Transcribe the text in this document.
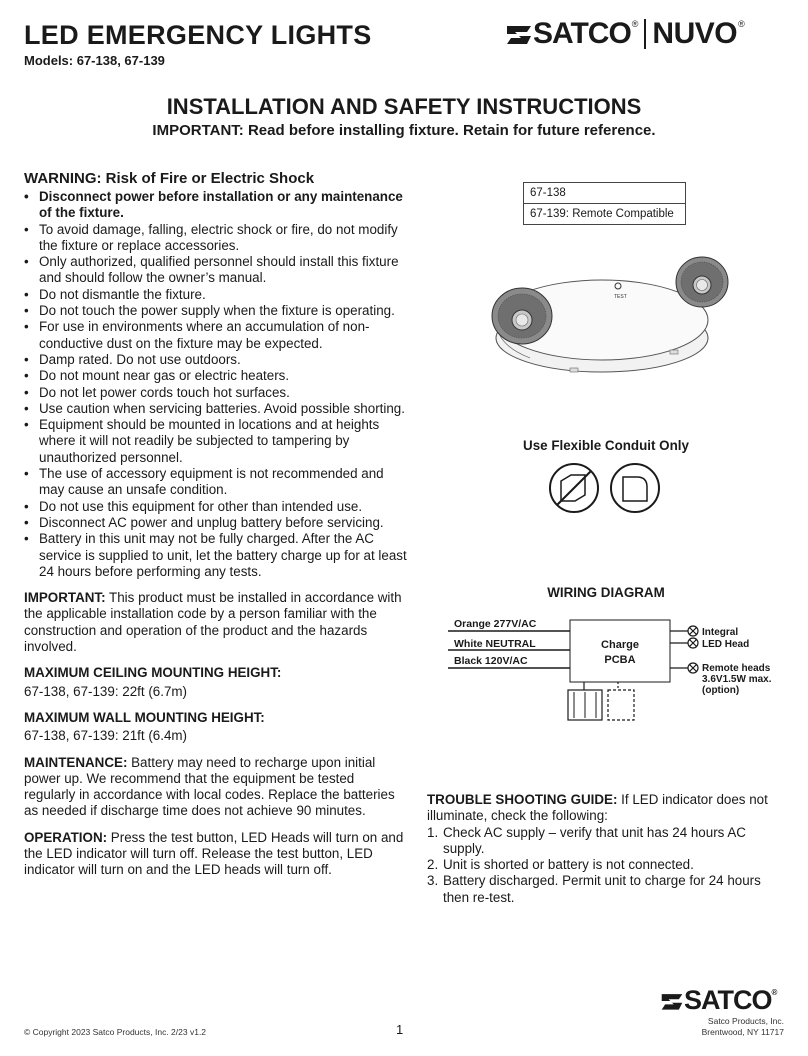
LED EMERGENCY LIGHTS
Models: 67-138, 67-139
SATCO ® NUVO ®
INSTALLATION AND SAFETY INSTRUCTIONS
IMPORTANT: Read before installing fixture. Retain for future reference.
WARNING: Risk of Fire or Electric Shock
• Disconnect power before installation or any maintenance of the fixture.
• To avoid damage, falling, electric shock or fire, do not modify the fixture or replace accessories.
• Only authorized, qualified personnel should install this fixture and should follow the owner’s manual.
• Do not dismantle the fixture.
• Do not touch the power supply when the fixture is operating.
• For use in environments where an accumulation of non-conductive dust on the fixture may be expected.
• Damp rated. Do not use outdoors.
• Do not mount near gas or electric heaters.
• Do not let power cords touch hot surfaces.
• Use caution when servicing batteries. Avoid possible shorting.
• Equipment should be mounted in locations and at heights where it will not readily be subjected to tampering by unauthorized personnel.
• The use of accessory equipment is not recommended and may cause an unsafe condition.
• Do not use this equipment for other than intended use.
• Disconnect AC power and unplug battery before servicing.
• Battery in this unit may not be fully charged. After the AC service is supplied to unit, let the battery charge up for at least 24 hours before performing any tests.

IMPORTANT: This product must be installed in accordance with the applicable installation code by a person familiar with the construction and operation of the product and the hazards involved.

MAXIMUM CEILING MOUNTING HEIGHT:

67-138, 67-139: 22ft (6.7m)

MAXIMUM WALL MOUNTING HEIGHT:

67-138, 67-139: 21ft (6.4m)

MAINTENANCE: Battery may need to recharge upon initial power up. We recommend that the equipment be tested regularly in accordance with local codes. Replace the batteries as needed if discharge time does not achieve 90 minutes.

OPERATION: Press the test button, LED Heads will turn on and the LED indicator will turn off. Release the test button, LED indicator will turn on and the LED heads will turn off.

67-138
67-139: Remote Compatible
TEST
Use Flexible Conduit Only
WIRING DIAGRAM
Orange 277V/AC
White NEUTRAL
Black 120V/AC
Charge
PCBA
Integral
LED Head
Remote heads
3.6V1.5W max.
(option)

TROUBLE SHOOTING GUIDE: If LED indicator does not illuminate, check the following:

1. Check AC supply – verify that unit has 24 hours AC supply.
2. Unit is shorted or battery is not connected.
3. Battery discharged. Permit unit to charge for 24 hours then re-test.
© Copyright 2023 Satco Products, Inc. 2/23 v1.2	1
SATCO ®
Satco Products, Inc.
Brentwood, NY 11717
